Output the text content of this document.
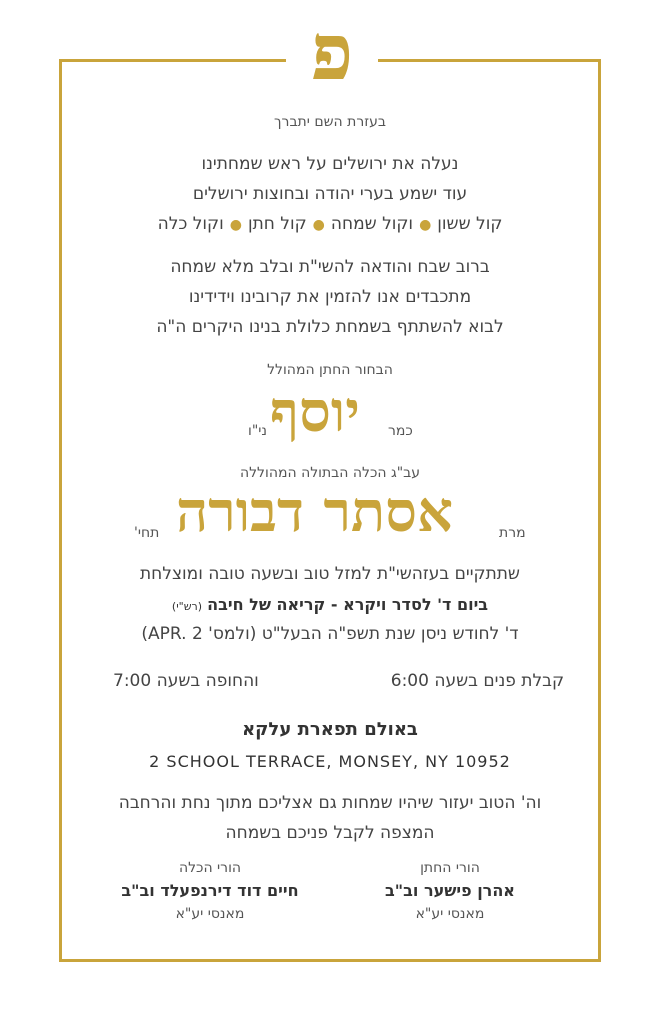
פ
בעזרת השם יתברך
נעלה את ירושלים על ראש שמחתינו
עוד ישמע בערי יהודה ובחוצות ירושלים
קול ששון●וקול שמחה●קול חתן●וקול כלה
ברוב שבח והודאה להשי"ת ובלב מלא שמחה
מתכבדים אנו להזמין את קרובינו וידידינו
לבוא להשתתף בשמחת כלולת בנינו היקרים ה"ה
הבחור החתן המהולל
כמר
יוסף
ני"ו
עב"ג הכלה הבתולה המהוללה
מרת
אסתר דבורה
תחי'
שתתקיים בעזהשי"ת למזל טוב ובשעה טובה ומוצלחת
ביום ד' לסדר ויקרא - קריאה של חיבה (רש"י)
ד' לחודש ניסן שנת תשפ"ה הבעל"ט (ולמס' APR. 2)
קבלת פנים בשעה 6:00
והחופה בשעה 7:00
באולם תפארת עלקא
2 SCHOOL TERRACE, MONSEY, NY 10952
וה' הטוב יעזור שיהיו שמחות גם אצליכם מתוך נחת והרחבה
המצפה לקבל פניכם בשמחה
הורי החתן
אהרן פישער וב"ב
מאנסי יע"א
הורי הכלה
חיים דוד דירנפעלד וב"ב
מאנסי יע"א
